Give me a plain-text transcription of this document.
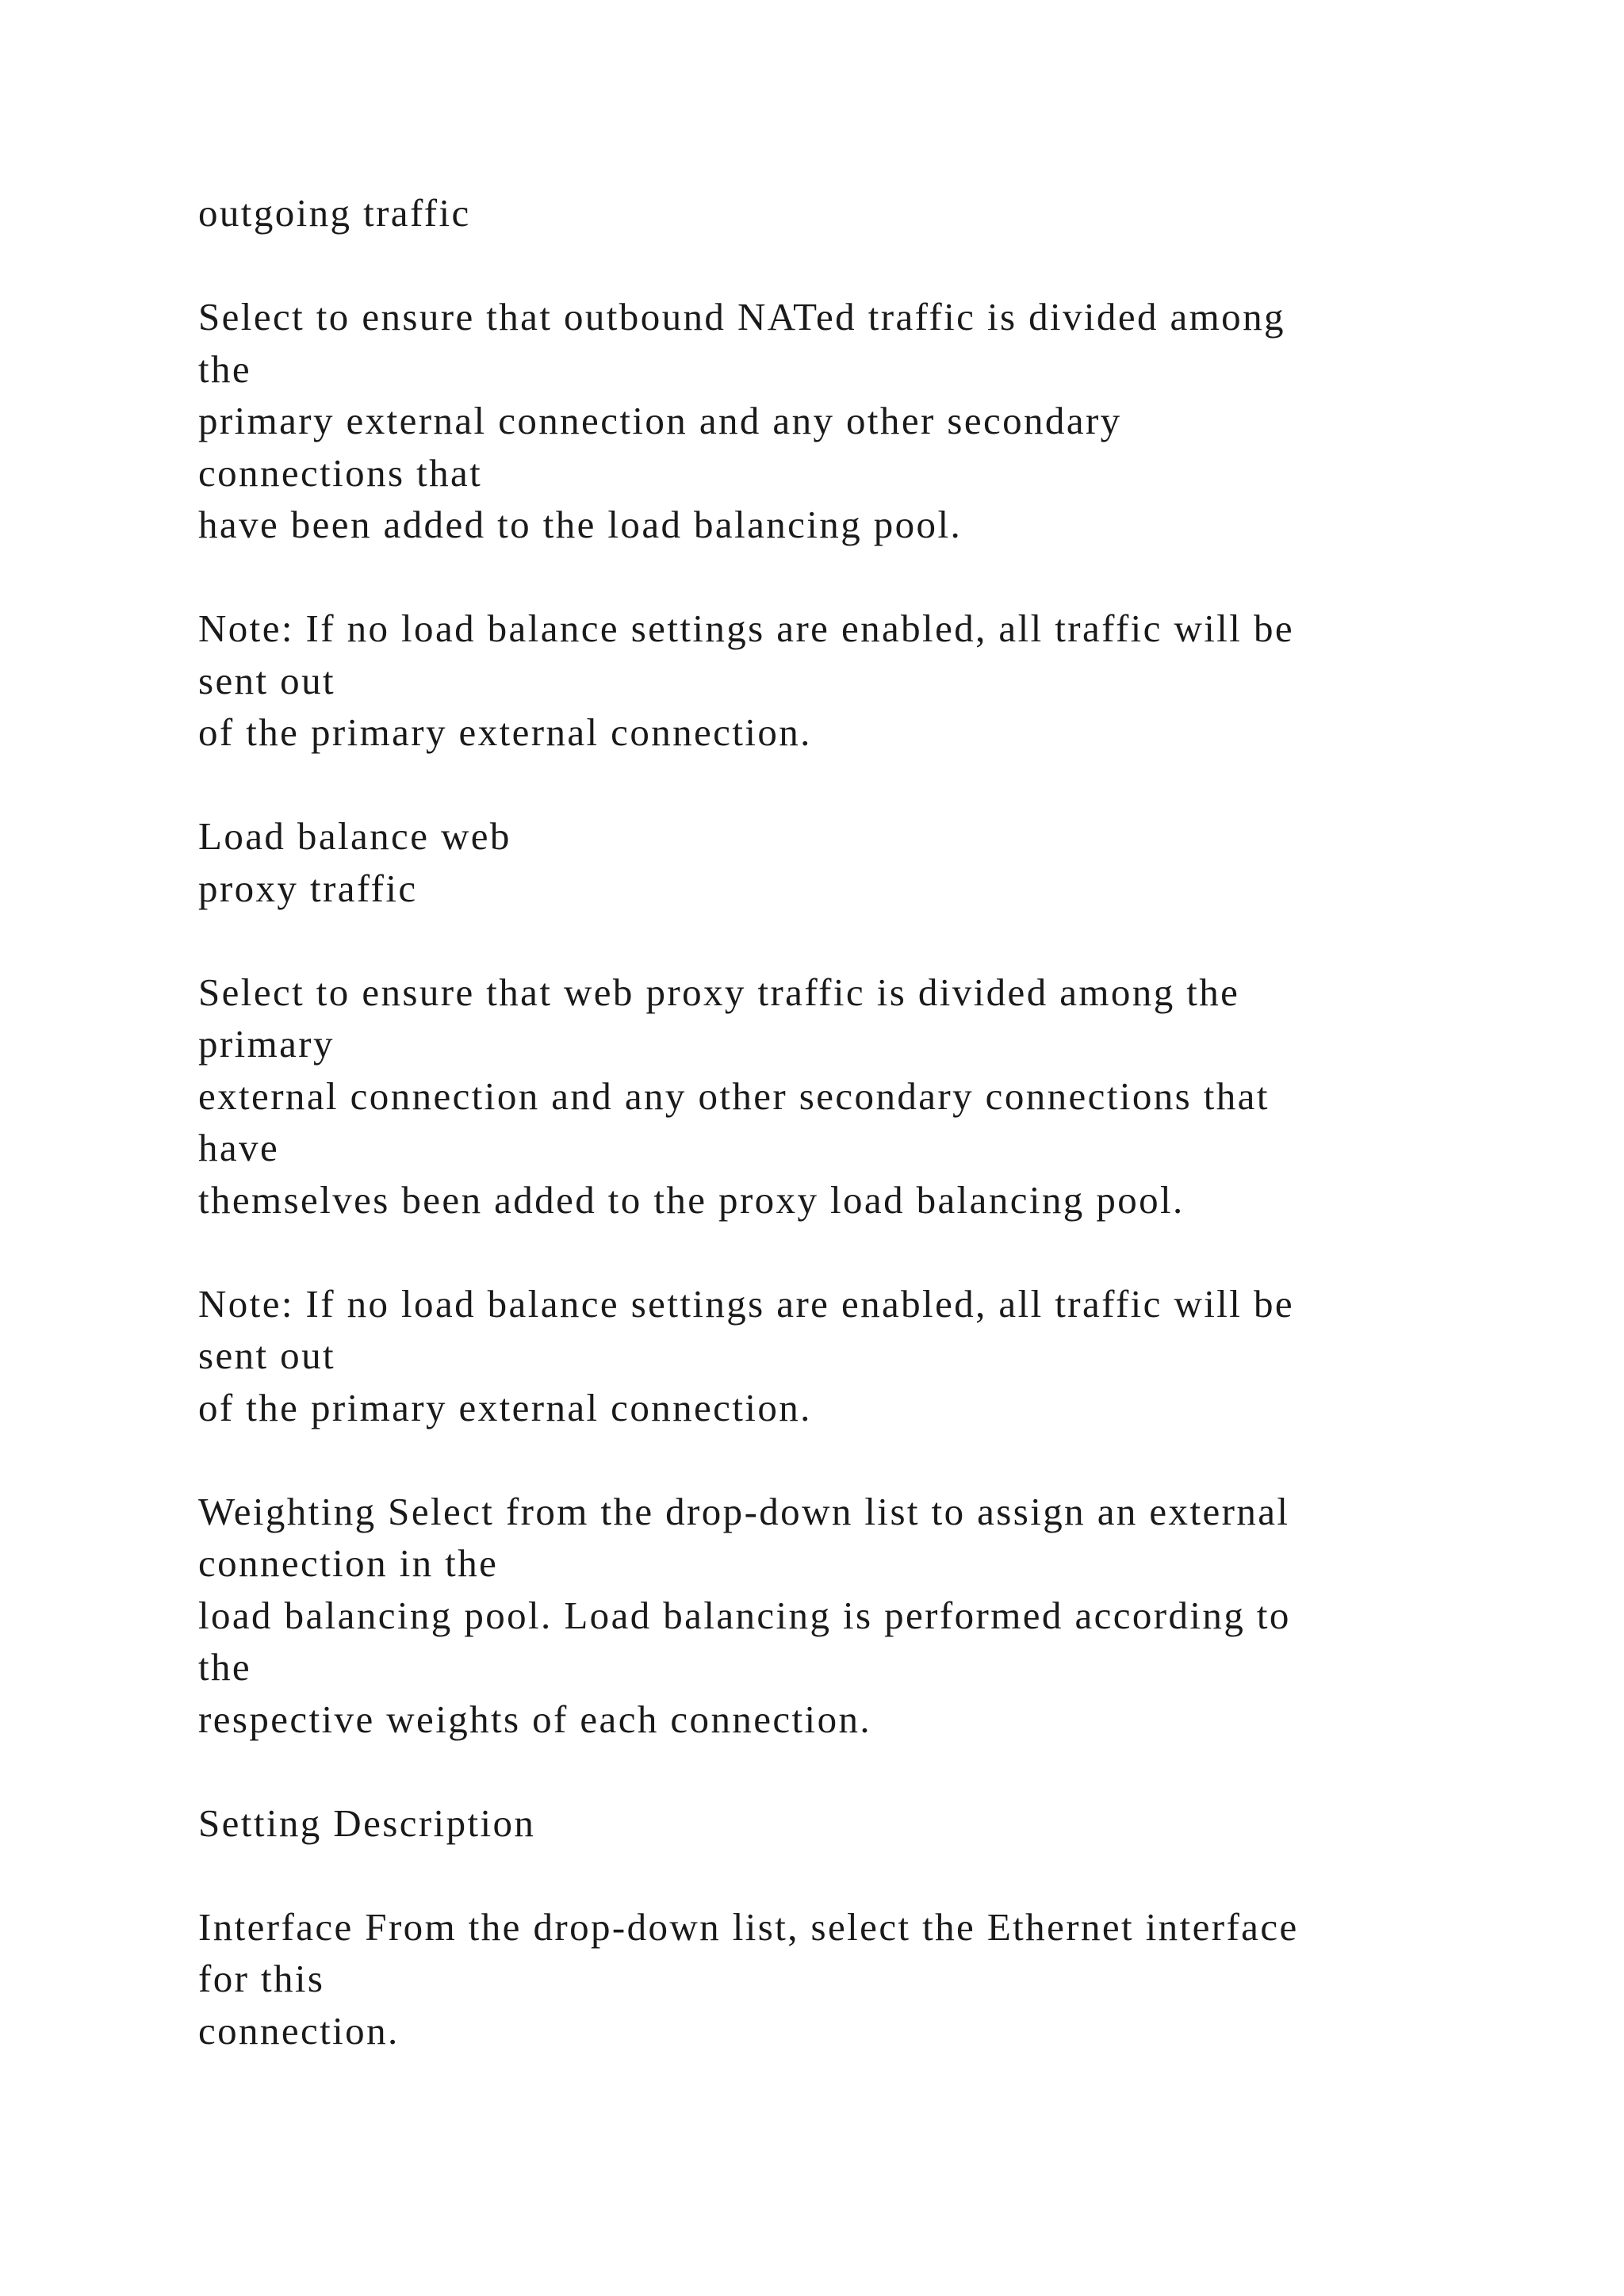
outgoing traffic

Select to ensure that outbound NATed traffic is divided among
the
primary external connection and any other secondary
connections that
have been added to the load balancing pool.

Note: If no load balance settings are enabled, all traffic will be
sent out
of the primary external connection.

Load balance web
proxy traffic

Select to ensure that web proxy traffic is divided among the
primary
external connection and any other secondary connections that
have
themselves been added to the proxy load balancing pool.

Note: If no load balance settings are enabled, all traffic will be
sent out
of the primary external connection.

Weighting Select from the drop-down list to assign an external
connection in the
load balancing pool. Load balancing is performed according to
the
respective weights of each connection.

Setting Description

Interface From the drop-down list, select the Ethernet interface
for this
connection.
